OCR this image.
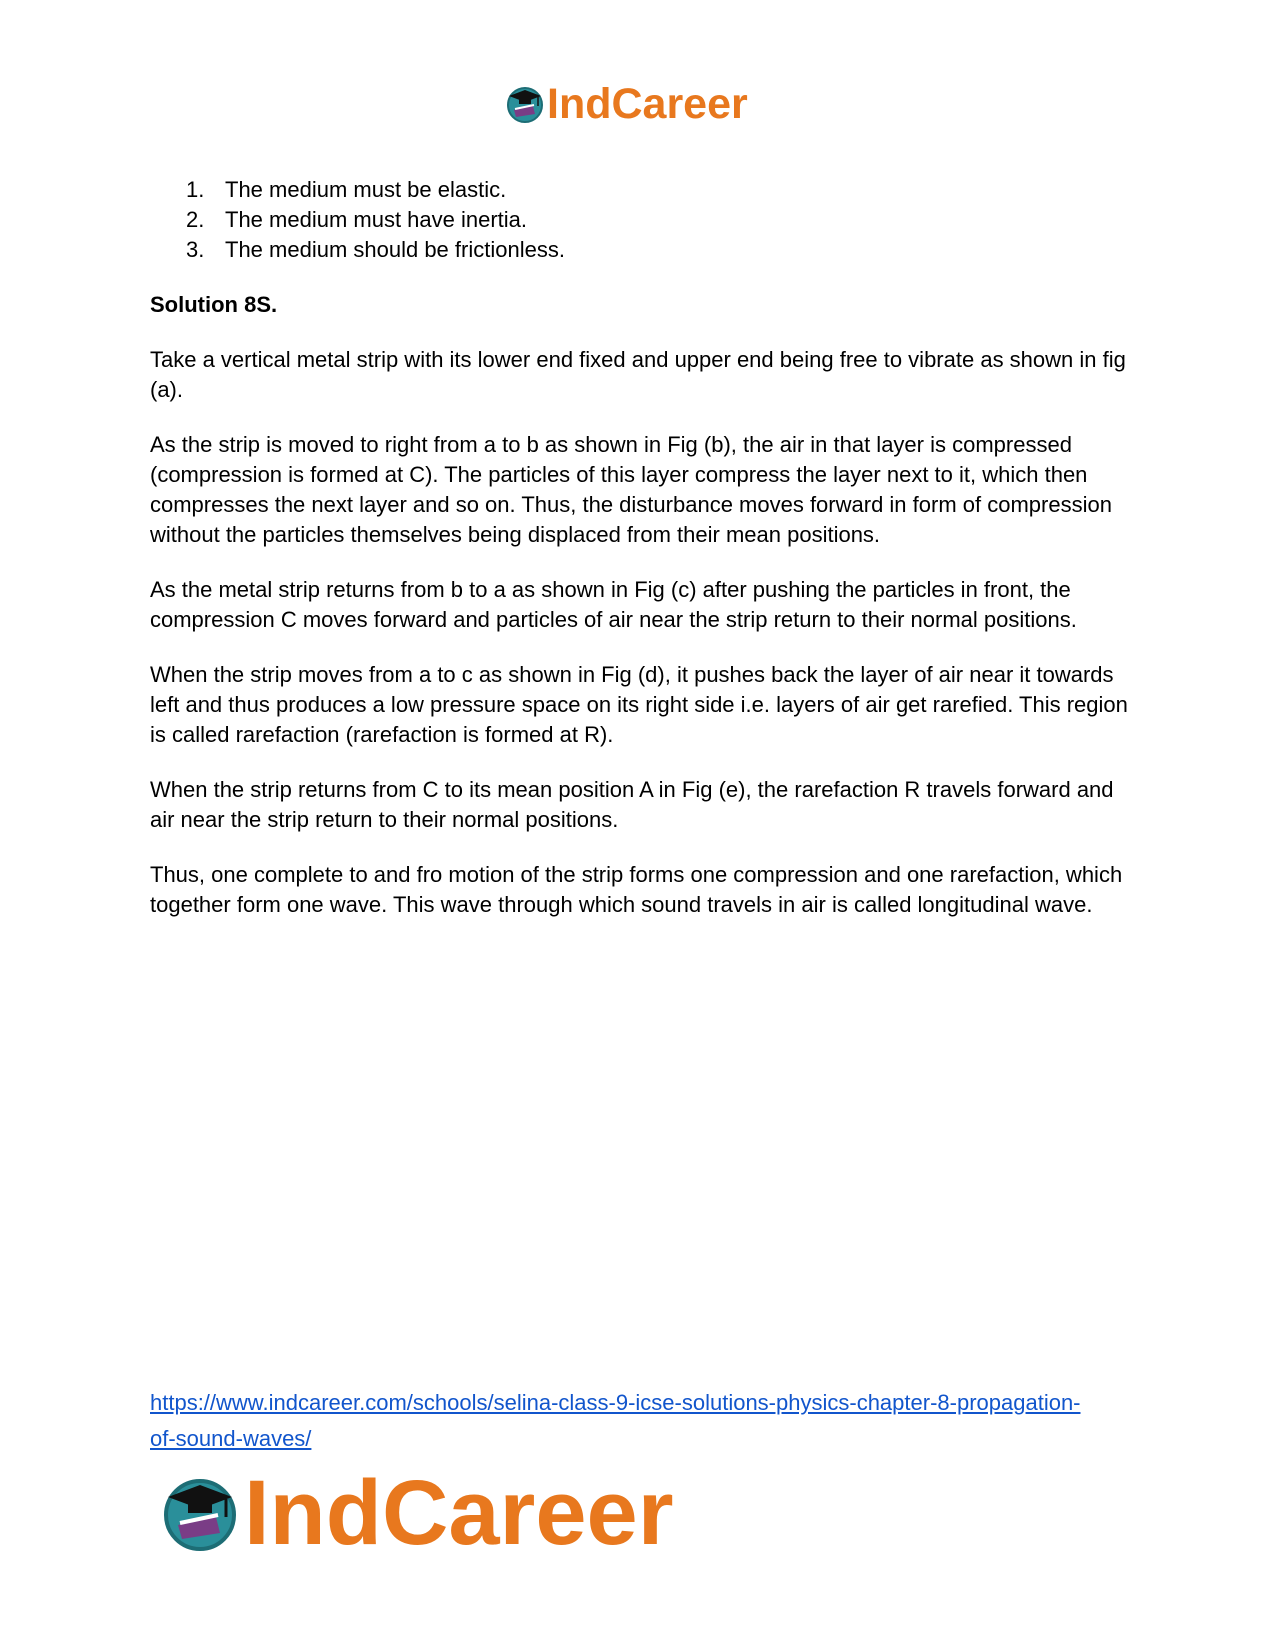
IndCareer
1. The medium must be elastic.
2. The medium must have inertia.
3. The medium should be frictionless.
Solution 8S.

Take a vertical metal strip with its lower end fixed and upper end being free to vibrate as shown in fig (a).

As the strip is moved to right from a to b as shown in Fig (b), the air in that layer is compressed (compression is formed at C). The particles of this layer compress the layer next to it, which then compresses the next layer and so on. Thus, the disturbance moves forward in form of compression without the particles themselves being displaced from their mean positions.

As the metal strip returns from b to a as shown in Fig (c) after pushing the particles in front, the compression C moves forward and particles of air near the strip return to their normal positions.

When the strip moves from a to c as shown in Fig (d), it pushes back the layer of air near it towards left and thus produces a low pressure space on its right side i.e. layers of air get rarefied. This region is called rarefaction (rarefaction is formed at R).

When the strip returns from C to its mean position A in Fig (e), the rarefaction R travels forward and air near the strip return to their normal positions.

Thus, one complete to and fro motion of the strip forms one compression and one rarefaction, which together form one wave. This wave through which sound travels in air is called longitudinal wave.

https://www.indcareer.com/schools/selina-class-9-icse-solutions-physics-chapter-8-propagation-
of-sound-waves/
IndCareer
